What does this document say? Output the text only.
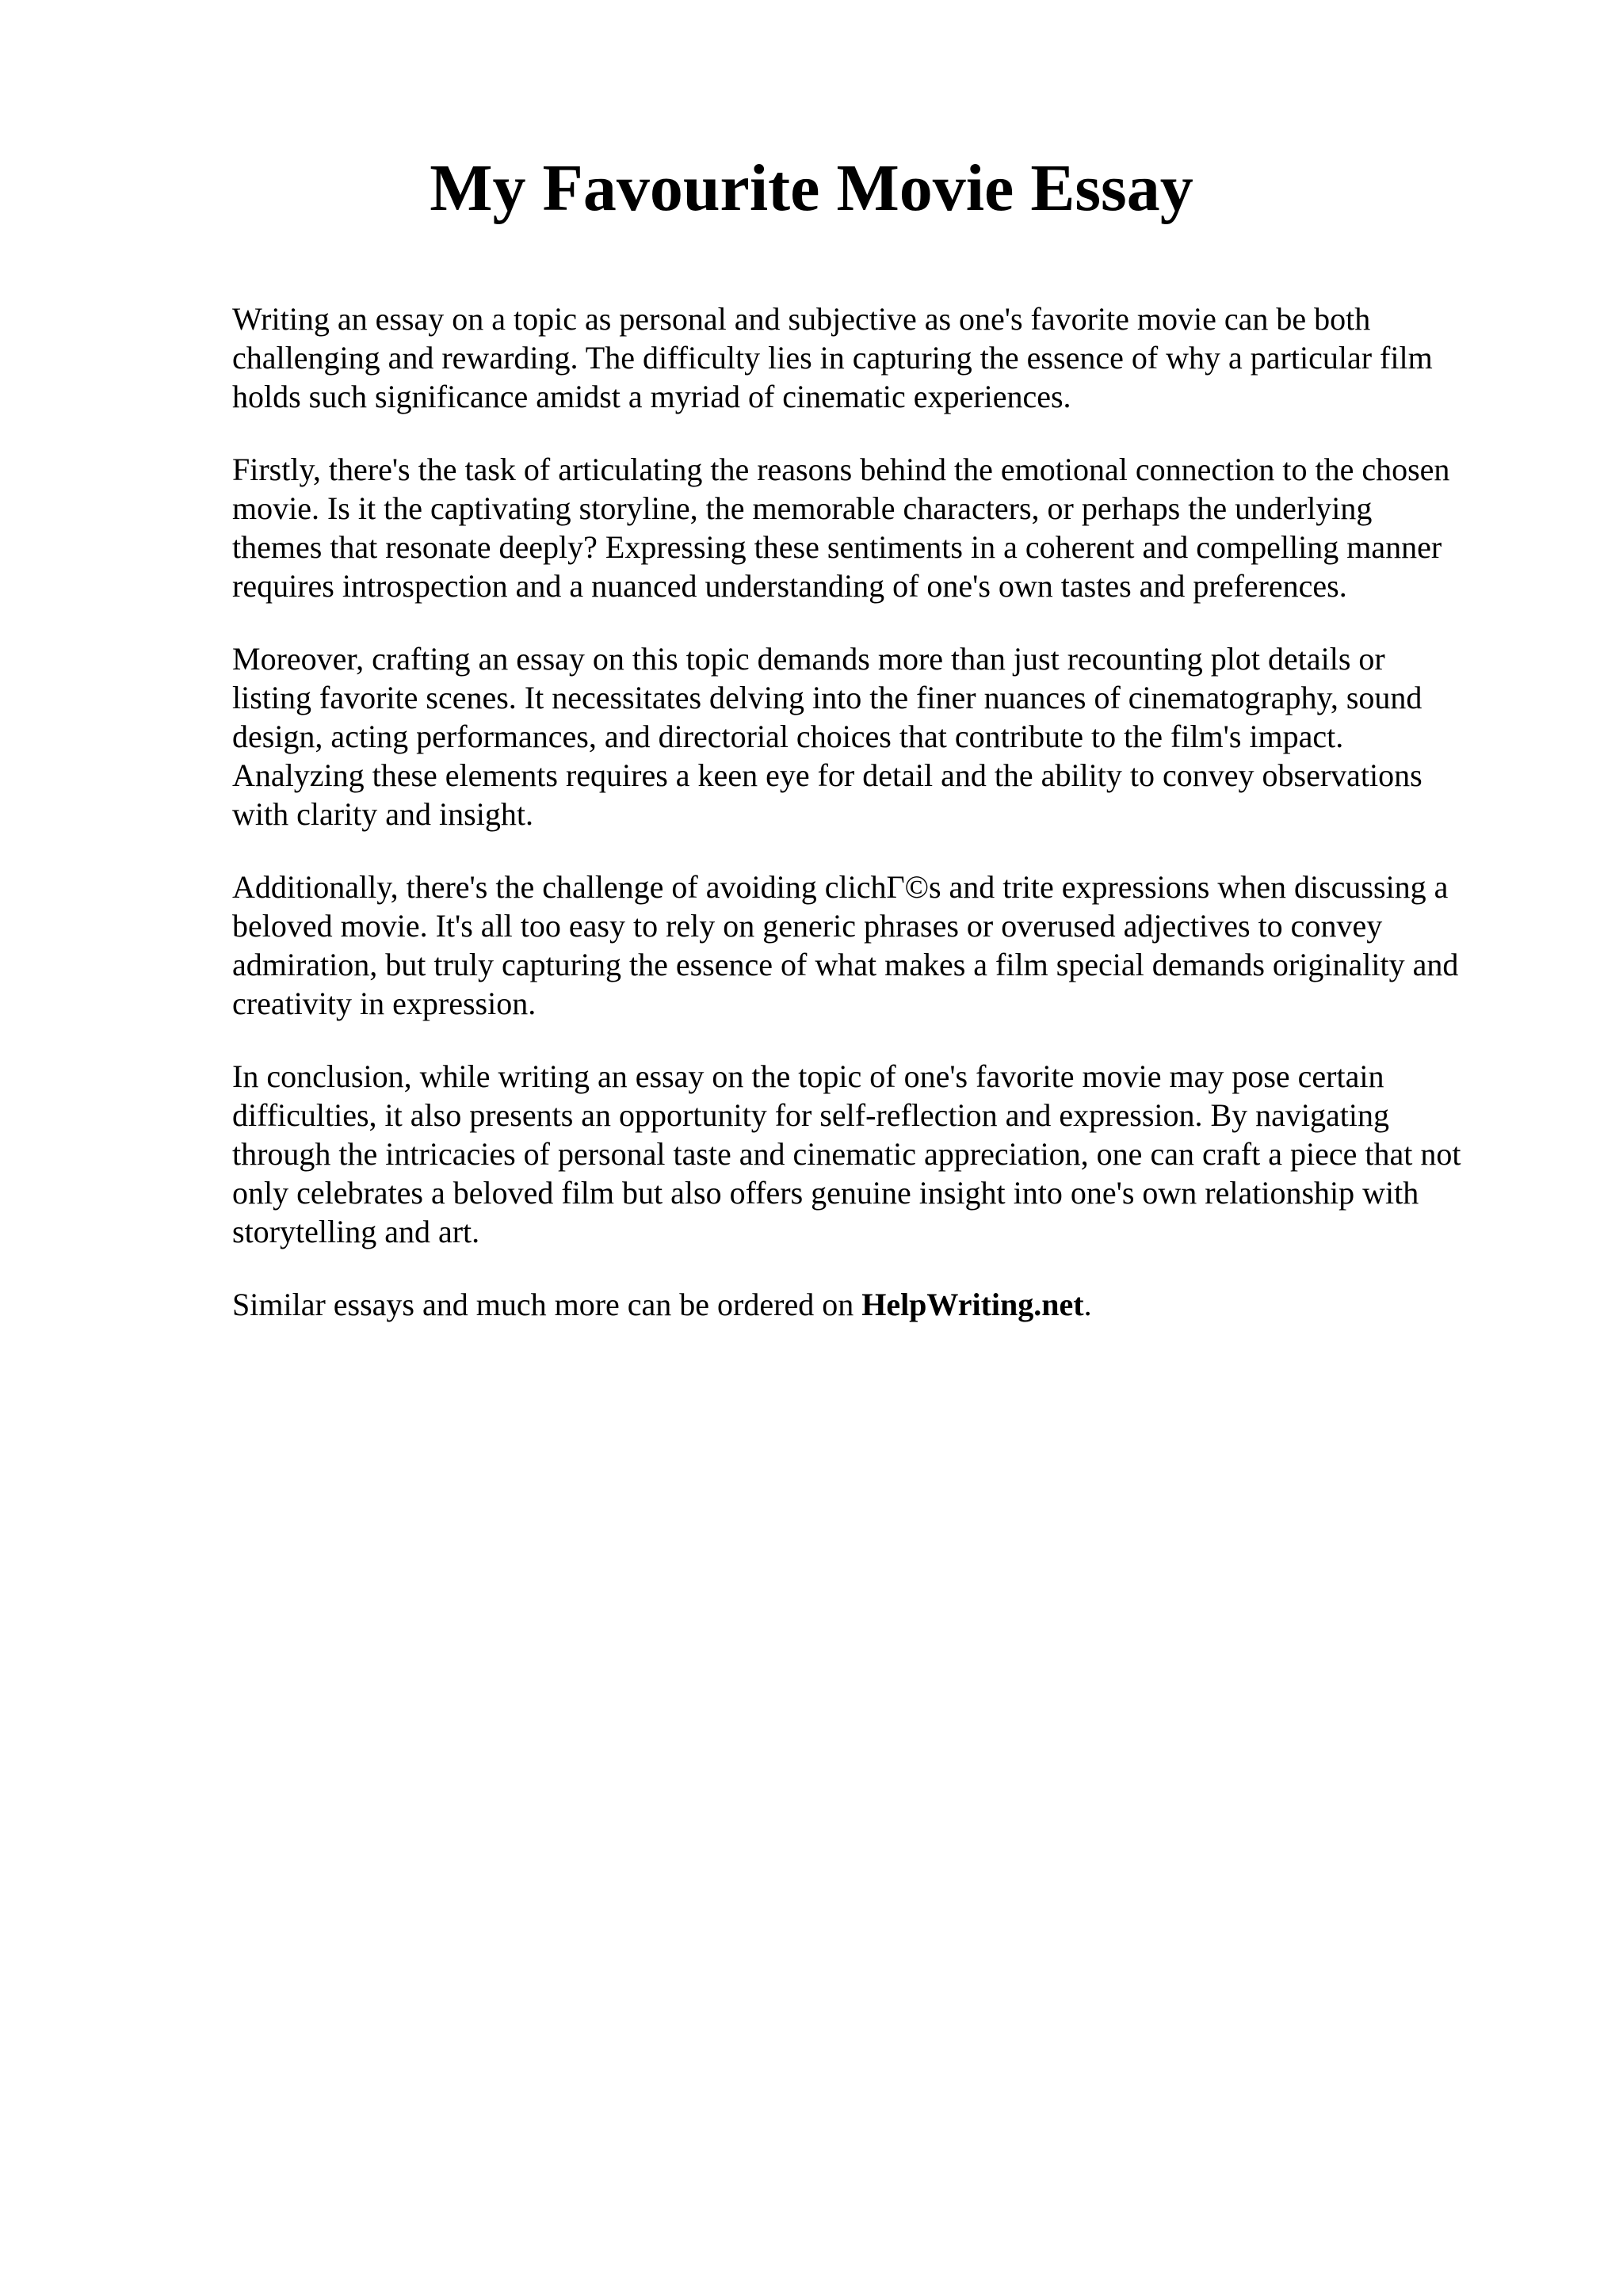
My Favourite Movie Essay

Writing an essay on a topic as personal and subjective as one's favorite movie can be both
challenging and rewarding. The difficulty lies in capturing the essence of why a particular film
holds such significance amidst a myriad of cinematic experiences.

Firstly, there's the task of articulating the reasons behind the emotional connection to the chosen
movie. Is it the captivating storyline, the memorable characters, or perhaps the underlying
themes that resonate deeply? Expressing these sentiments in a coherent and compelling manner
requires introspection and a nuanced understanding of one's own tastes and preferences.

Moreover, crafting an essay on this topic demands more than just recounting plot details or
listing favorite scenes. It necessitates delving into the finer nuances of cinematography, sound
design, acting performances, and directorial choices that contribute to the film's impact.
Analyzing these elements requires a keen eye for detail and the ability to convey observations
with clarity and insight.

Additionally, there's the challenge of avoiding clichΓ©s and trite expressions when discussing a
beloved movie. It's all too easy to rely on generic phrases or overused adjectives to convey
admiration, but truly capturing the essence of what makes a film special demands originality and
creativity in expression.

In conclusion, while writing an essay on the topic of one's favorite movie may pose certain
difficulties, it also presents an opportunity for self-reflection and expression. By navigating
through the intricacies of personal taste and cinematic appreciation, one can craft a piece that not
only celebrates a beloved film but also offers genuine insight into one's own relationship with
storytelling and art.

Similar essays and much more can be ordered on HelpWriting.net.
